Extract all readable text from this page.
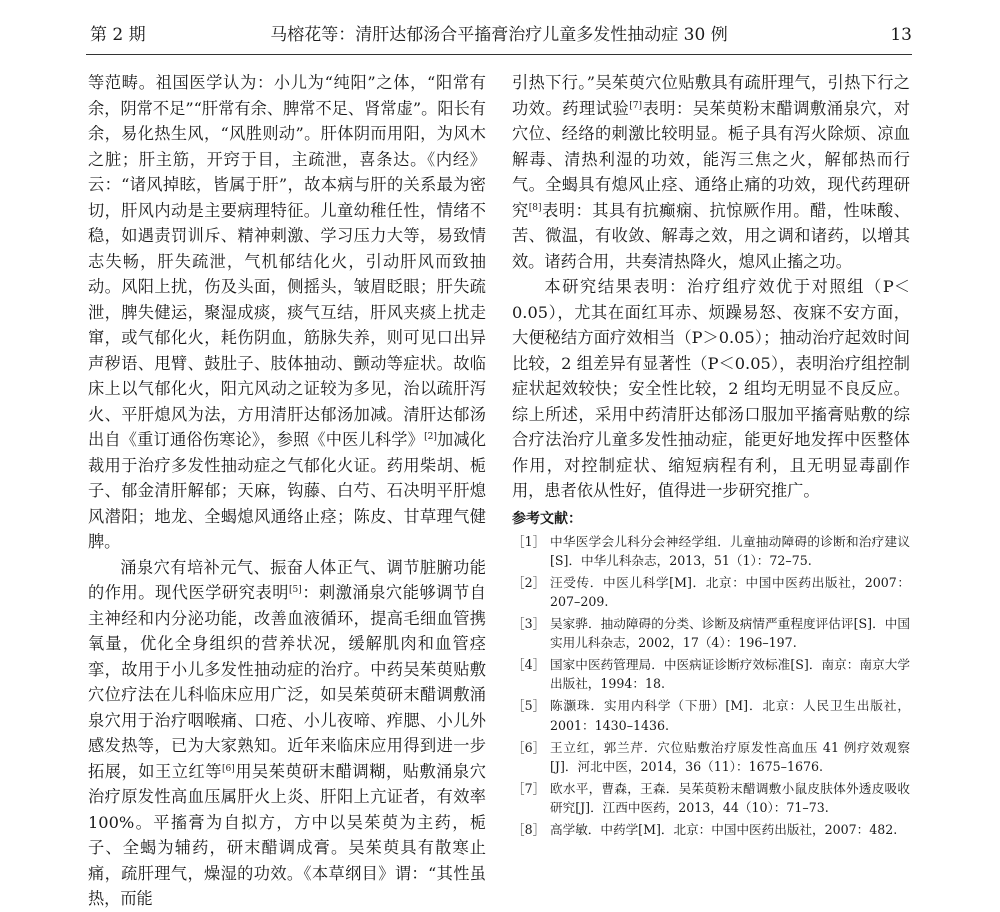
第 2 期	马榕花等：清肝达郁汤合平搐膏治疗儿童多发性抽动症 30 例	13

等范畴。祖国医学认为：小儿为“纯阳”之体，“阳常有余，阴常不足”“肝常有余、脾常不足、肾常虚”。阳长有余，易化热生风，“风胜则动”。肝体阴而用阳，为风木之脏；肝主筋，开窍于目，主疏泄，喜条达。《内经》云：“诸风掉眩，皆属于肝”，故本病与肝的关系最为密切，肝风内动是主要病理特征。儿童幼稚任性，情绪不稳，如遇责罚训斥、精神刺激、学习压力大等，易致情志失畅，肝失疏泄，气机郁结化火，引动肝风而致抽动。风阳上扰，伤及头面，侧摇头，皱眉眨眼；肝失疏泄，脾失健运，聚湿成痰，痰气互结，肝风夹痰上扰走窜，或气郁化火，耗伤阴血，筋脉失养，则可见口出异声秽语、甩臂、鼓肚子、肢体抽动、颤动等症状。故临床上以气郁化火，阳亢风动之证较为多见，治以疏肝泻火、平肝熄风为法，方用清肝达郁汤加减。清肝达郁汤出自《重订通俗伤寒论》，参照《中医儿科学》[2]加减化裁用于治疗多发性抽动症之气郁化火证。药用柴胡、栀子、郁金清肝解郁；天麻，钩藤、白芍、石决明平肝熄风潜阳；地龙、全蝎熄风通络止痉；陈皮、甘草理气健脾。

涌泉穴有培补元气、振奋人体正气、调节脏腑功能的作用。现代医学研究表明[5]：刺激涌泉穴能够调节自主神经和内分泌功能，改善血液循环，提高毛细血管携氧量，优化全身组织的营养状况，缓解肌肉和血管痉挛，故用于小儿多发性抽动症的治疗。中药吴茱萸贴敷穴位疗法在儿科临床应用广泛，如吴茱萸研末醋调敷涌泉穴用于治疗咽喉痛、口疮、小儿夜啼、痄腮、小儿外感发热等，已为大家熟知。近年来临床应用得到进一步拓展，如王立红等[6]用吴茱萸研末醋调糊，贴敷涌泉穴治疗原发性高血压属肝火上炎、肝阳上亢证者，有效率 100%。平搐膏为自拟方，方中以吴茱萸为主药，栀子、全蝎为辅药，研末醋调成膏。吴茱萸具有散寒止痛，疏肝理气，燥湿的功效。《本草纲目》谓：“其性虽热，而能

引热下行。”吴茱萸穴位贴敷具有疏肝理气，引热下行之功效。药理试验[7]表明：吴茱萸粉末醋调敷涌泉穴，对穴位、经络的刺激比较明显。栀子具有泻火除烦、凉血解毒、清热利湿的功效，能泻三焦之火，解郁热而行气。全蝎具有熄风止痉、通络止痛的功效，现代药理研究[8]表明：其具有抗癫痫、抗惊厥作用。醋，性味酸、苦、微温，有收敛、解毒之效，用之调和诸药，以增其效。诸药合用，共奏清热降火，熄风止搐之功。

本研究结果表明：治疗组疗效优于对照组（P＜0.05），尤其在面红耳赤、烦躁易怒、夜寐不安方面，大便秘结方面疗效相当（P＞0.05）；抽动治疗起效时间比较，2 组差异有显著性（P＜0.05），表明治疗组控制症状起效较快；安全性比较，2 组均无明显不良反应。综上所述，采用中药清肝达郁汤口服加平搐膏贴敷的综合疗法治疗儿童多发性抽动症，能更好地发挥中医整体作用，对控制症状、缩短病程有利，且无明显毒副作用，患者依从性好，值得进一步研究推广。

参考文献：
［1］ 中华医学会儿科分会神经学组．儿童抽动障碍的诊断和治疗建议[S]．中华儿科杂志，2013，51（1）：72–75.
［2］ 汪受传．中医儿科学[M]．北京：中国中医药出版社，2007：207–209.
［3］ 吴家骅．抽动障碍的分类、诊断及病情严重程度评估评[S]．中国实用儿科杂志，2002，17（4）：196–197.
［4］ 国家中医药管理局．中医病证诊断疗效标准[S]．南京：南京大学出版社，1994：18.
［5］ 陈灏珠．实用内科学（下册）[M]．北京：人民卫生出版社，2001：1430–1436.
［6］ 王立红，郭兰芹．穴位贴敷治疗原发性高血压 41 例疗效观察[J]．河北中医，2014，36（11）：1675–1676.
［7］ 欧水平，曹森，王森．吴茱萸粉末醋调敷小鼠皮肤体外透皮吸收研究[J]．江西中医药，2013，44（10）：71–73.
［8］ 高学敏．中药学[M]．北京：中国中医药出版社，2007：482.
